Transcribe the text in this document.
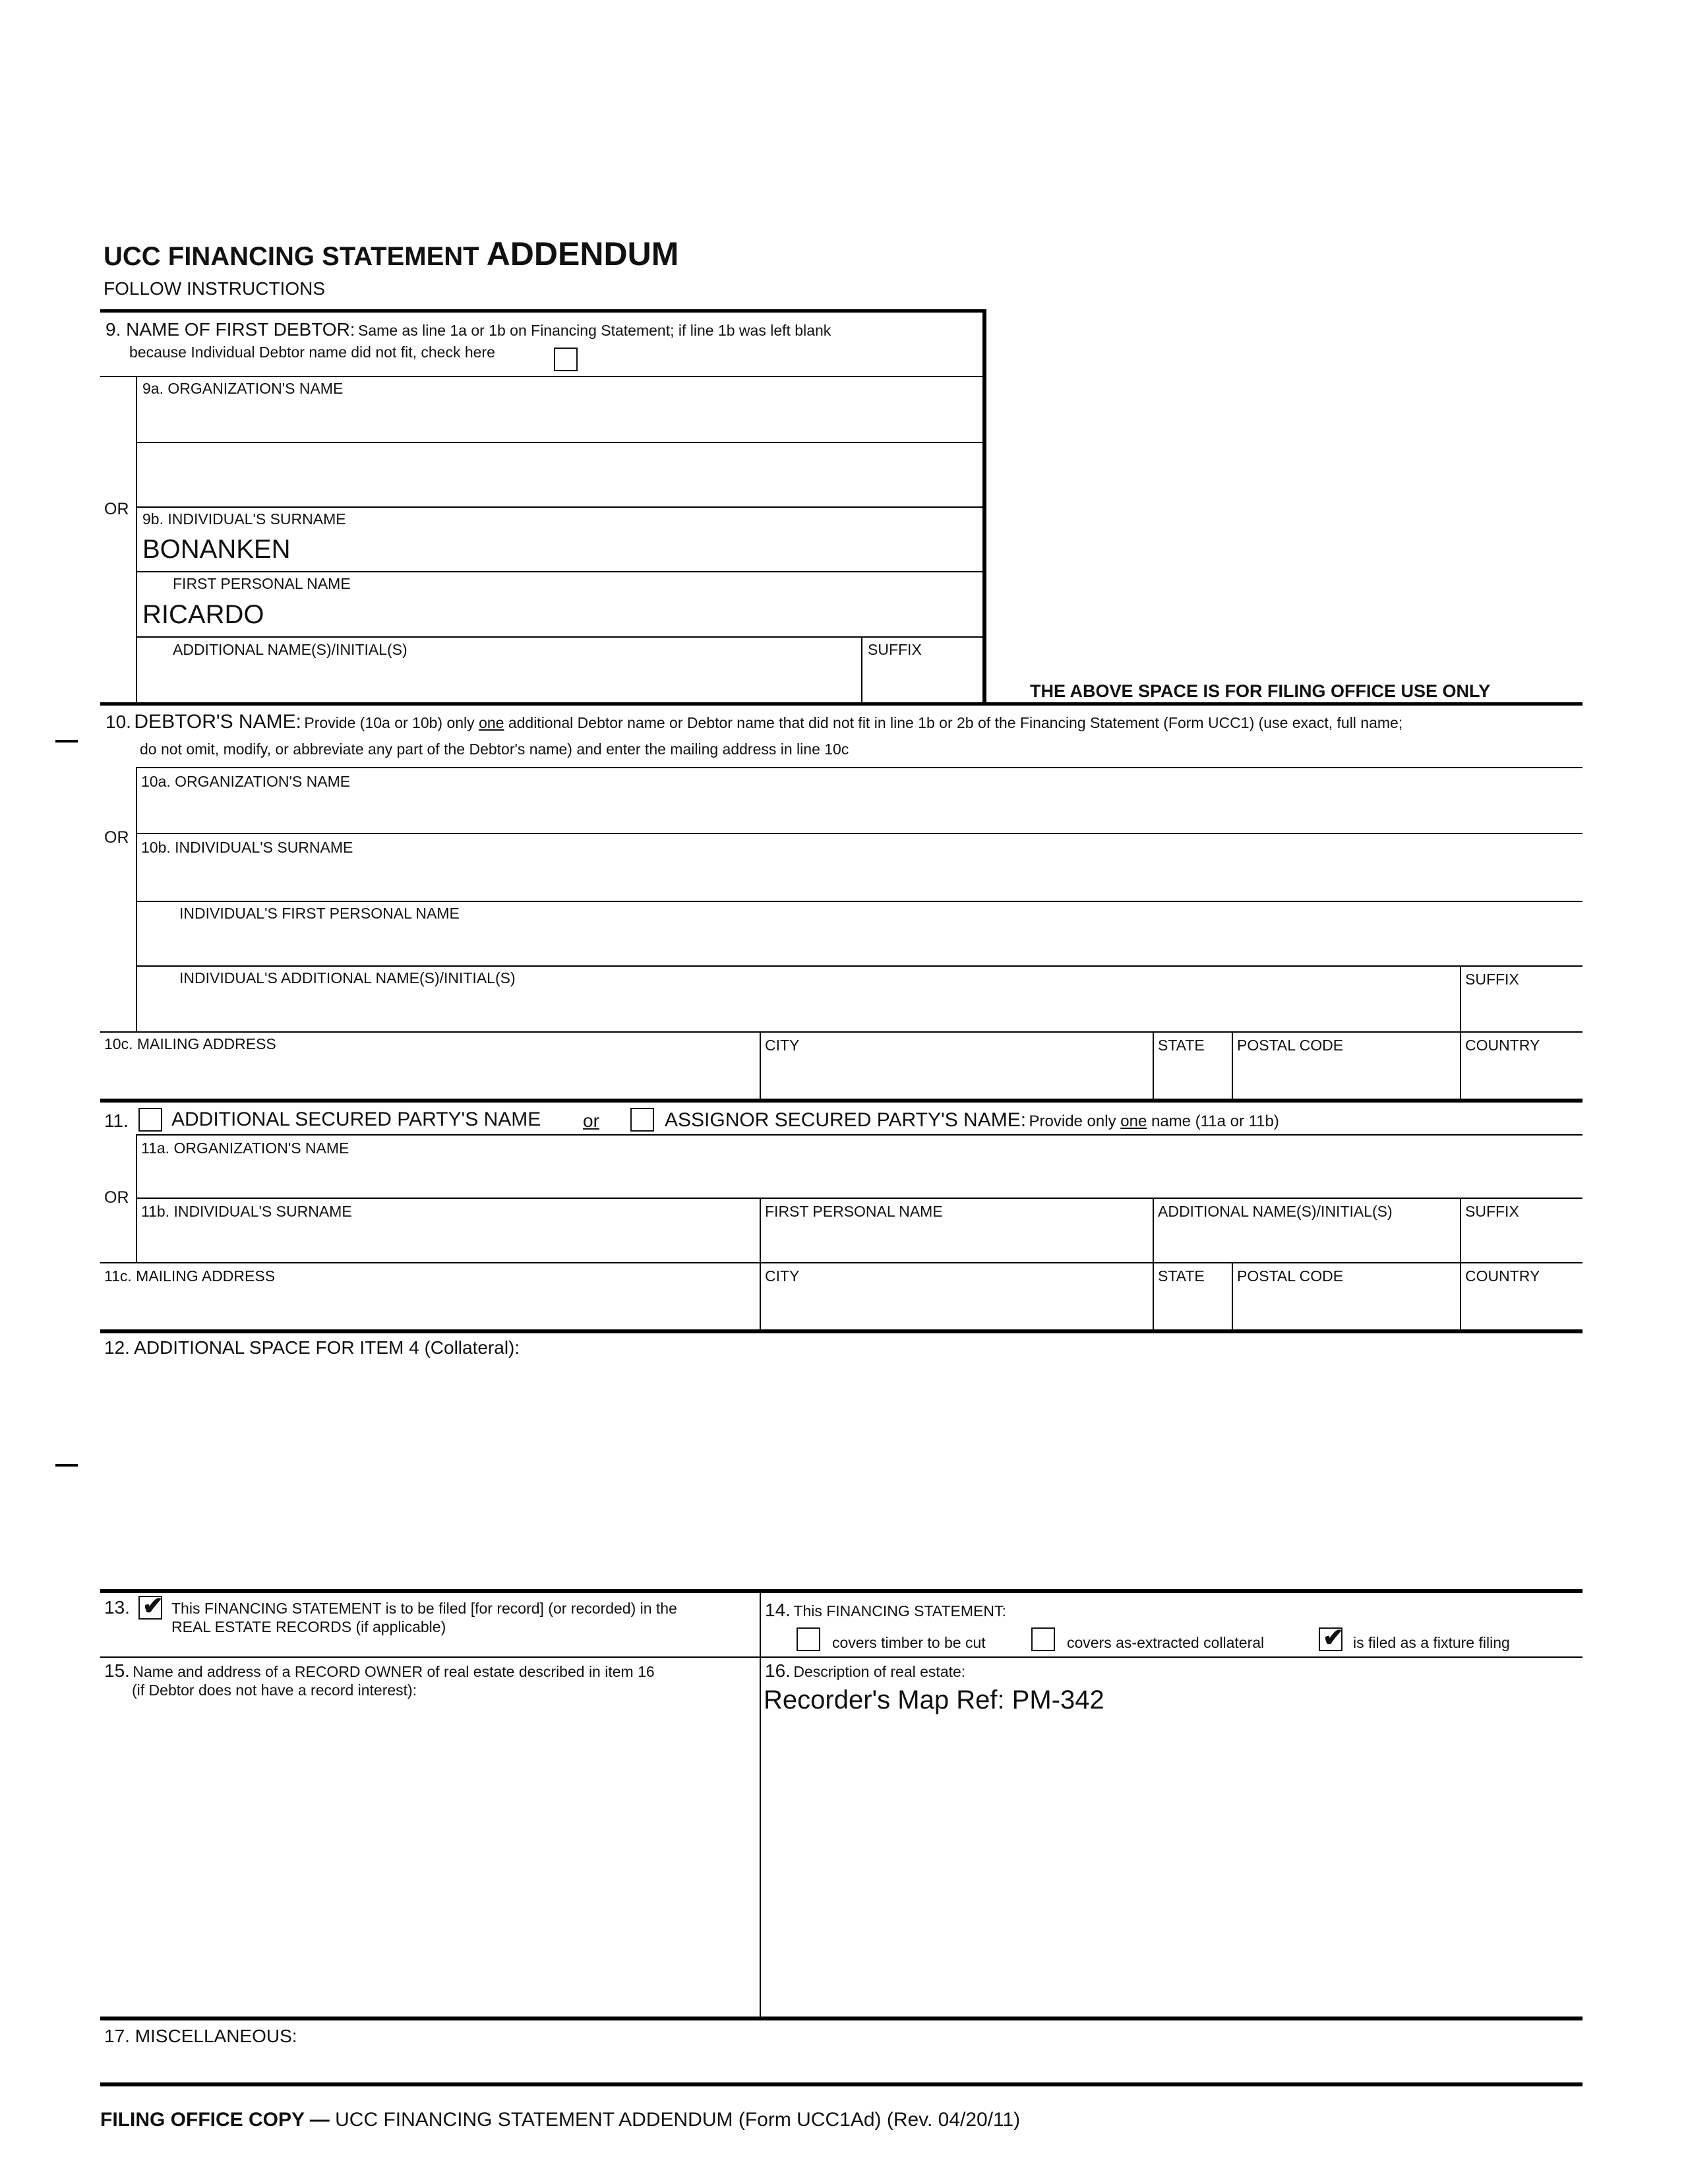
UCC FINANCING STATEMENT ADDENDUM
FOLLOW INSTRUCTIONS
9. NAME OF FIRST DEBTOR: Same as line 1a or 1b on Financing Statement; if line 1b was left blank
because Individual Debtor name did not fit, check here
9a. ORGANIZATION'S NAME
OR
9b. INDIVIDUAL'S SURNAME
BONANKEN
FIRST PERSONAL NAME
RICARDO
ADDITIONAL NAME(S)/INITIAL(S)	SUFFIX
THE ABOVE SPACE IS FOR FILING OFFICE USE ONLY
10. DEBTOR'S NAME: Provide (10a or 10b) only one additional Debtor name or Debtor name that did not fit in line 1b or 2b of the Financing Statement (Form UCC1) (use exact, full name;
do not omit, modify, or abbreviate any part of the Debtor's name) and enter the mailing address in line 10c
10a. ORGANIZATION'S NAME
OR
10b. INDIVIDUAL'S SURNAME
INDIVIDUAL'S FIRST PERSONAL NAME
INDIVIDUAL'S ADDITIONAL NAME(S)/INITIAL(S)	SUFFIX
10c. MAILING ADDRESS	CITY	STATE POSTAL CODE	COUNTRY
11. ADDITIONAL SECURED PARTY'S NAME or	ASSIGNOR SECURED PARTY'S NAME: Provide only one name (11a or 11b)
11a. ORGANIZATION'S NAME
OR
11b. INDIVIDUAL'S SURNAME	FIRST PERSONAL NAME	ADDITIONAL NAME(S)/INITIAL(S)	SUFFIX
11c. MAILING ADDRESS	CITY	STATE POSTAL CODE	COUNTRY
12. ADDITIONAL SPACE FOR ITEM 4 (Collateral):
13. ✔ This FINANCING STATEMENT is to be filed [for record] (or recorded) in the
REAL ESTATE RECORDS (if applicable)
14. This FINANCING STATEMENT:
covers timber to be cut	covers as-extracted collateral ✔ is filed as a fixture filing
15. Name and address of a RECORD OWNER of real estate described in item 16
(if Debtor does not have a record interest):
16. Description of real estate:
Recorder's Map Ref: PM-342
17. MISCELLANEOUS:
FILING OFFICE COPY — UCC FINANCING STATEMENT ADDENDUM (Form UCC1Ad) (Rev. 04/20/11)
